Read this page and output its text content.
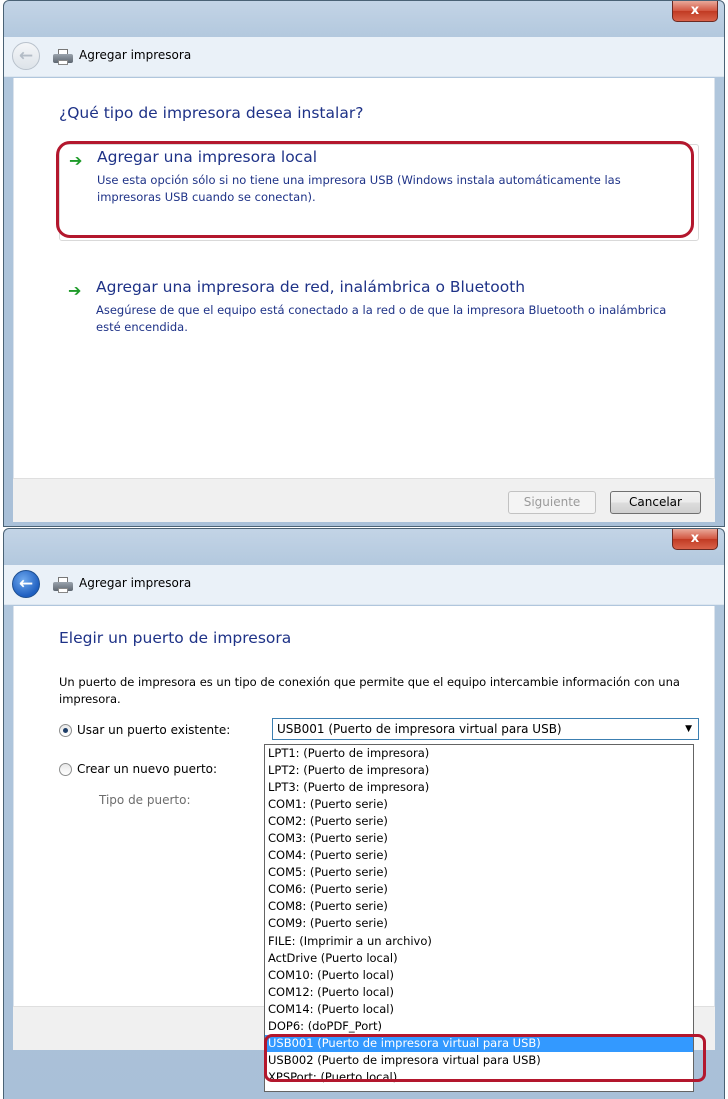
x
←	Agregar impresora
¿Qué tipo de impresora desea instalar?
➔ Agregar una impresora local
Use esta opción sólo si no tiene una impresora USB (Windows instala automáticamente las impresoras USB cuando se conectan).
➔ Agregar una impresora de red, inalámbrica o Bluetooth
Asegúrese de que el equipo está conectado a la red o de que la impresora Bluetooth o inalámbrica esté encendida.
Siguiente	Cancelar
x
←	Agregar impresora
Elegir un puerto de impresora
Un puerto de impresora es un tipo de conexión que permite que el equipo intercambie información con una impresora.
Usar un puerto existente:	USB001 (Puerto de impresora virtual para USB)	▼
Crear un nuevo puerto:
Tipo de puerto:
LPT1: (Puerto de impresora)
LPT2: (Puerto de impresora)
LPT3: (Puerto de impresora)
COM1: (Puerto serie)
COM2: (Puerto serie)
COM3: (Puerto serie)
COM4: (Puerto serie)
COM5: (Puerto serie)
COM6: (Puerto serie)
COM8: (Puerto serie)
COM9: (Puerto serie)
FILE: (Imprimir a un archivo)
ActDrive (Puerto local)
COM10: (Puerto local)
COM12: (Puerto local)
COM14: (Puerto local)
DOP6: (doPDF_Port)
USB001 (Puerto de impresora virtual para USB)
USB002 (Puerto de impresora virtual para USB)
XPSPort: (Puerto local)
